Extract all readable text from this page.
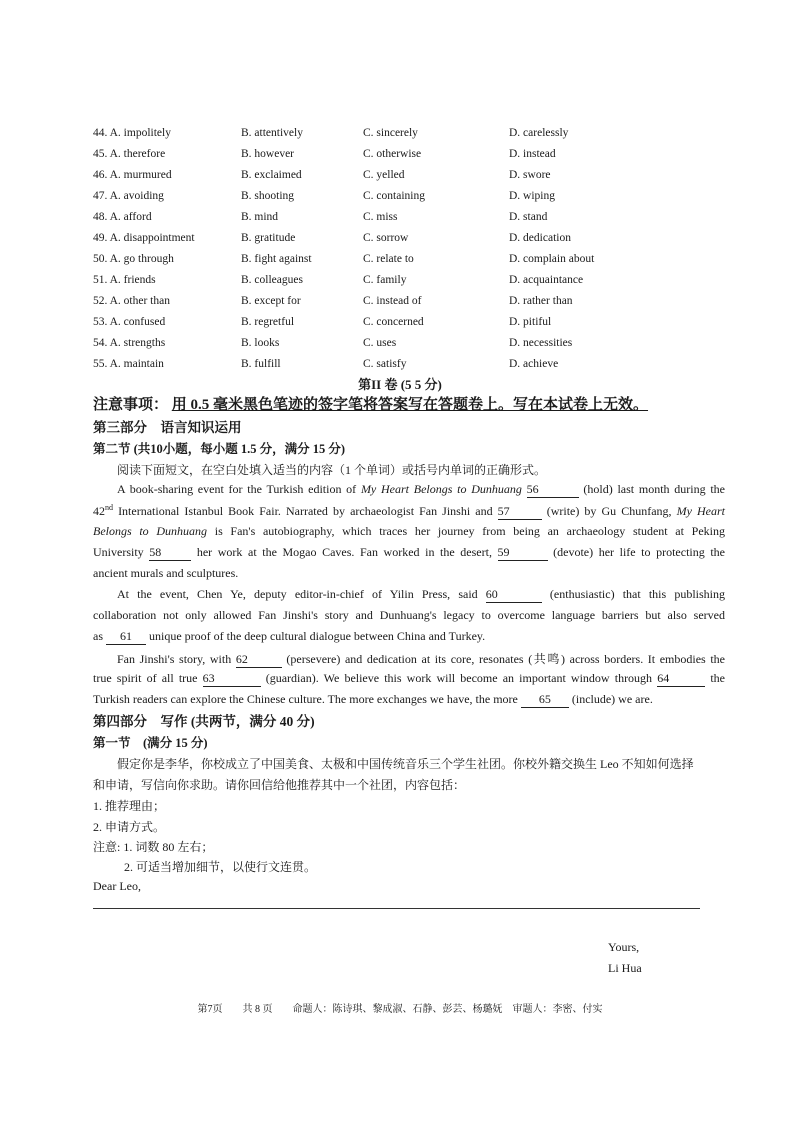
44. A. impolitely	B. attentively	C. sincerely	D. carelessly
45. A. therefore	B. however	C. otherwise	D. instead
46. A. murmured	B. exclaimed	C. yelled	D. swore
47. A. avoiding	B. shooting	C. containing	D. wiping
48. A. afford	B. mind	C. miss	D. stand
49. A. disappointment	B. gratitude	C. sorrow	D. dedication
50. A. go through	B. fight against	C. relate to	D. complain about
51. A. friends	B. colleagues	C. family	D. acquaintance
52. A. other than	B. except for	C. instead of	D. rather than
53. A. confused	B. regretful	C. concerned	D. pitiful
54. A. strengths	B. looks	C. uses	D. necessities
55. A. maintain	B. fulfill	C. satisfy	D. achieve
第II 卷 (5 5 分)
注意事项： 用 0.5 毫米黑色笔迹的签字笔将答案写在答题卷上。写在本试卷上无效。
第三部分　语言知识运用
第二节 (共10小题，每小题 1.5 分，满分 15 分)
阅读下面短文，在空白处填入适当的内容（1 个单词）或括号内单词的正确形式。
A book-sharing event for the Turkish edition of My Heart Belongs to Dunhuang 56	(hold) last month during the
42nd International Istanbul Book Fair. Narrated by archaeologist Fan Jinshi and 57	(write) by Gu Chunfang, My Heart
Belongs to Dunhuang is Fan's autobiography, which traces her journey from being an archaeology student at Peking
University 58	her work at the Mogao Caves. Fan worked in the desert, 59	(devote) her life to protecting the
ancient murals and sculptures.
At the event, Chen Ye, deputy editor-in-chief of Yilin Press, said 60	(enthusiastic) that this publishing
collaboration not only allowed Fan Jinshi's story and Dunhuang's legacy to overcome language barriers but also served
as 61 unique proof of the deep cultural dialogue between China and Turkey.
Fan Jinshi's story, with 62	(persevere) and dedication at its core, resonates (共鸣) across borders. It embodies the
true spirit of all true 63	(guardian). We believe this work will become an important window through 64	the
Turkish readers can explore the Chinese culture. The more exchanges we have, the more 65 (include) we are.
第四部分　写作 (共两节，满分 40 分)
第一节　(满分 15 分)
假定你是李华，你校成立了中国美食、太极和中国传统音乐三个学生社团。你校外籍交换生 Leo 不知如何选择
和申请，写信向你求助。请你回信给他推荐其中一个社团，内容包括：
1. 推荐理由；
2. 申请方式。
注意: 1. 词数 80 左右；
2. 可适当增加细节，以使行文连贯。
Dear Leo,
Yours,
Li Hua
第7页　　共 8 页　　命题人：陈诗琪、黎成淑、石静、彭芸、杨璐妩　审题人：李密、付实
